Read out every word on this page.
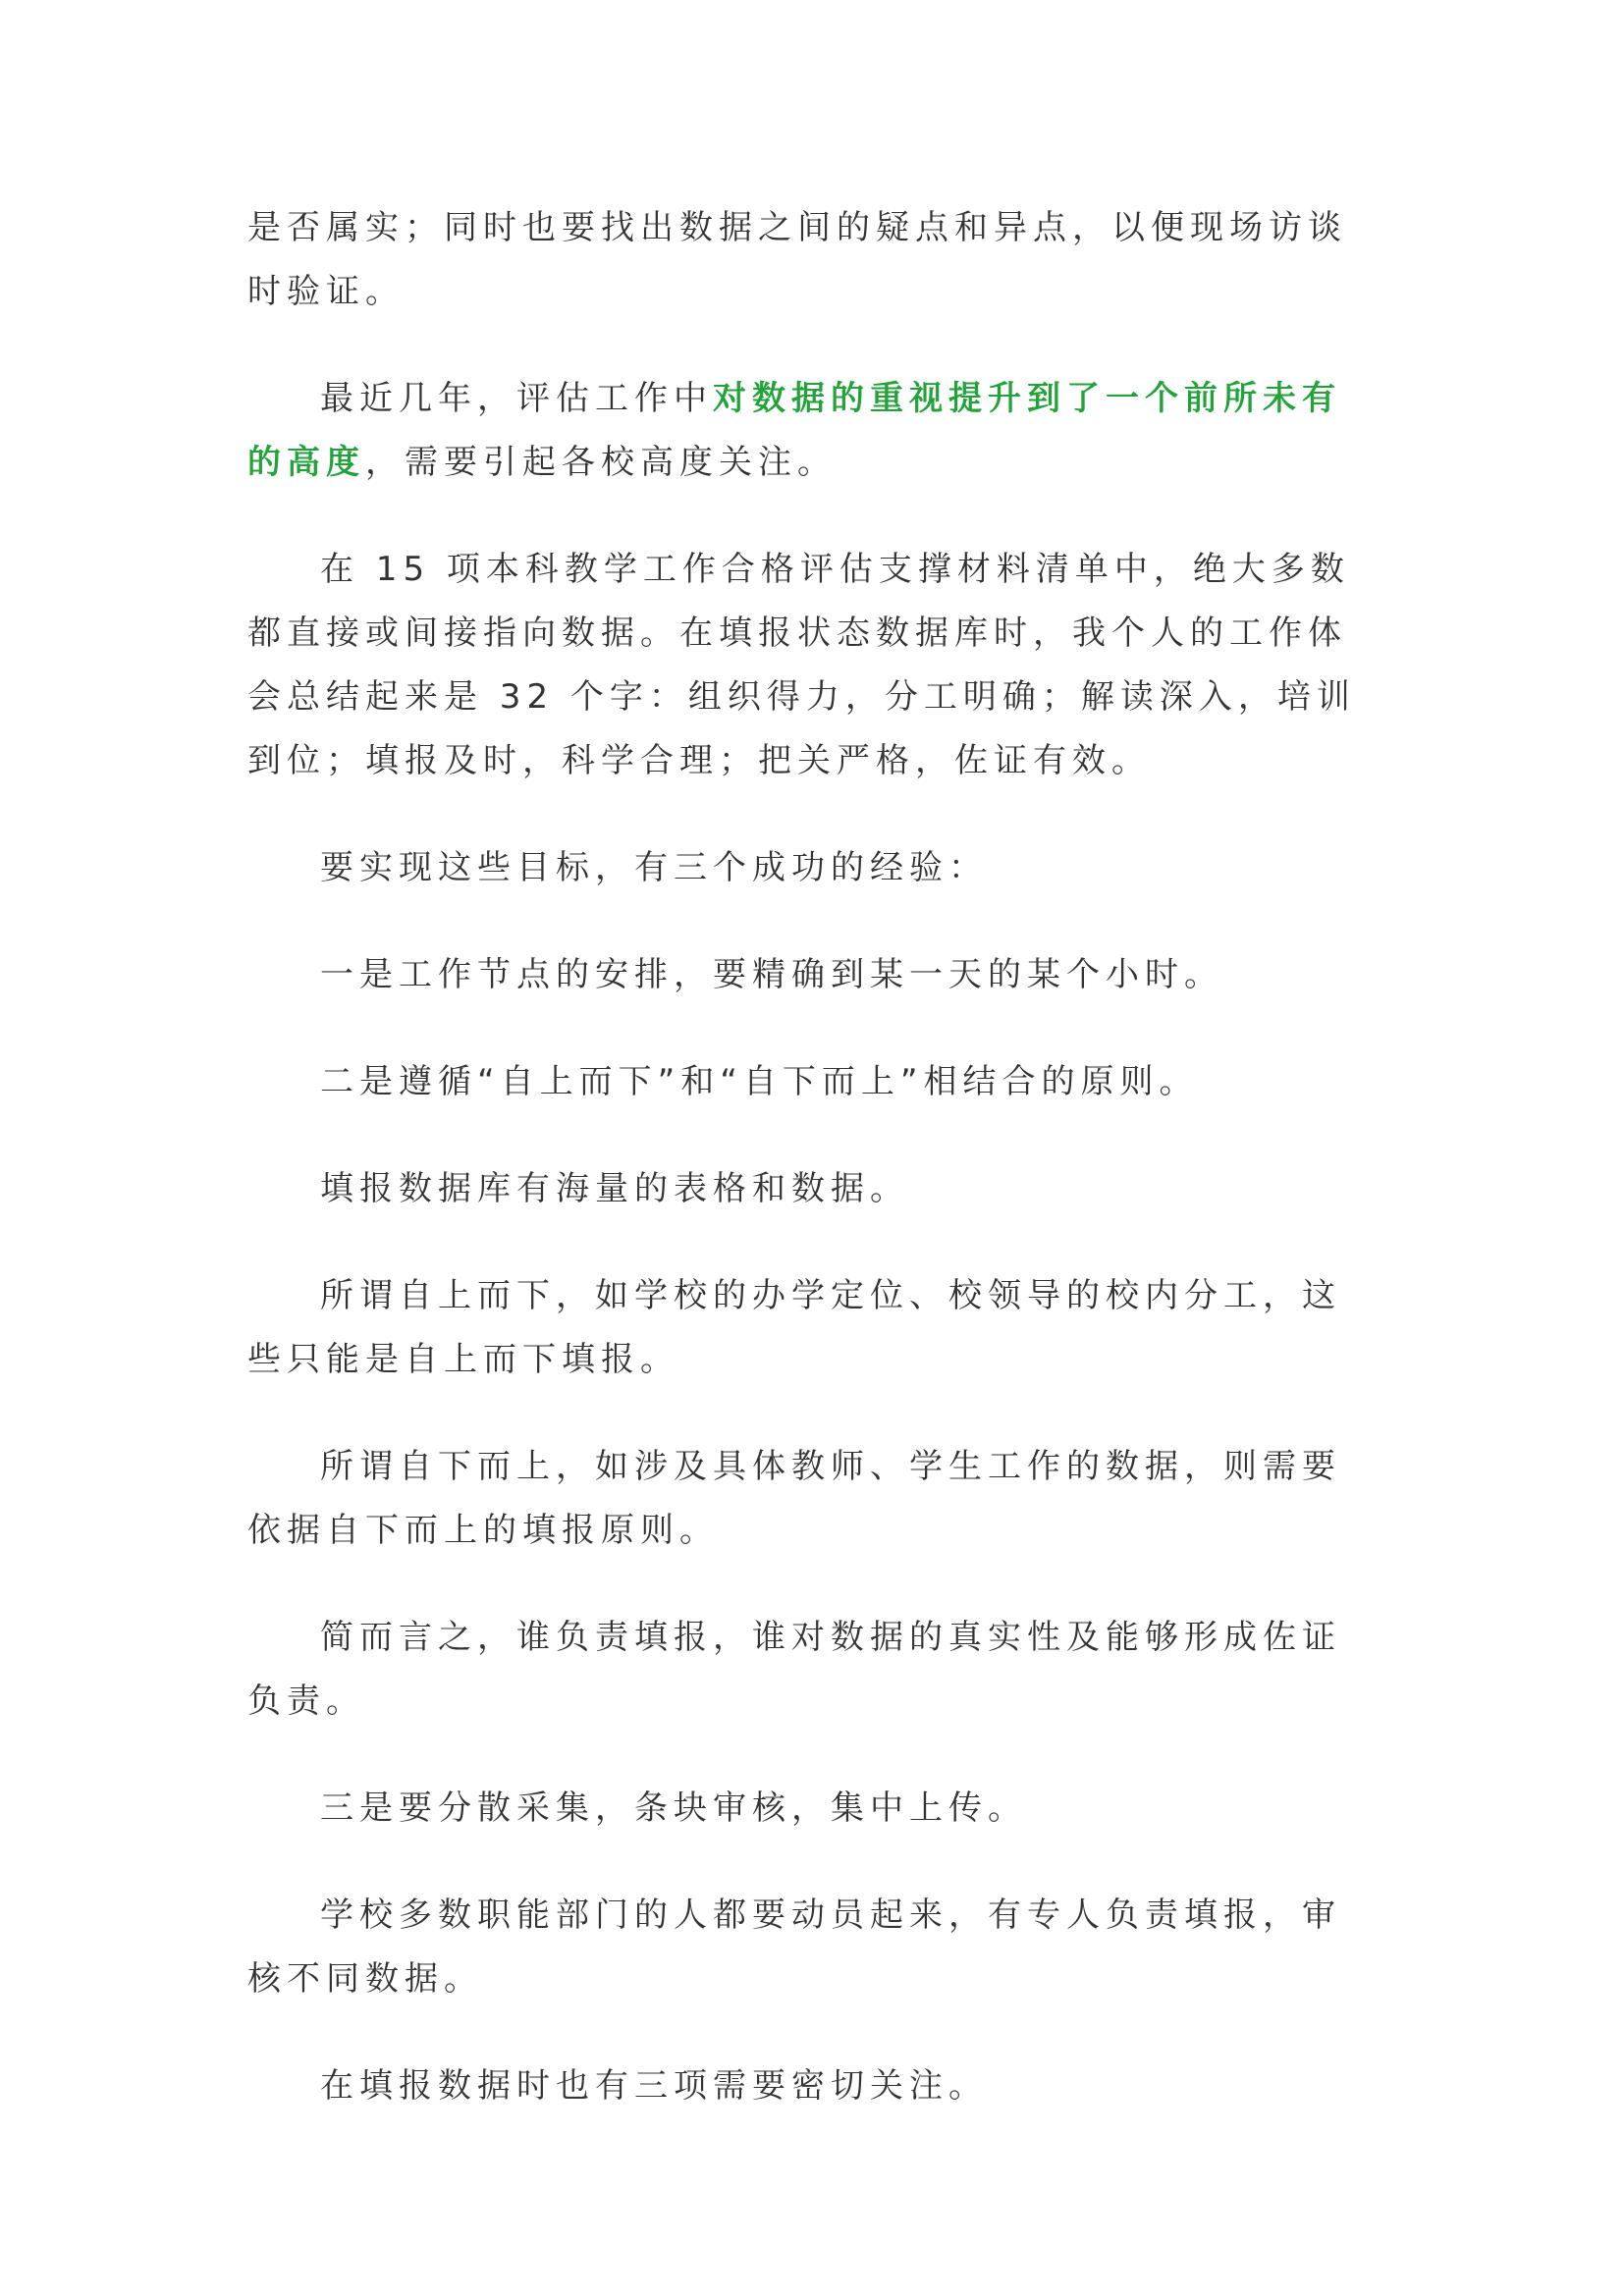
是否属实；同时也要找出数据之间的疑点和异点，以便现场访谈时验证。

最近几年，评估工作中对数据的重视提升到了一个前所未有的高度，需要引起各校高度关注。

在 15 项本科教学工作合格评估支撑材料清单中，绝大多数都直接或间接指向数据。在填报状态数据库时，我个人的工作体会总结起来是 32 个字：组织得力，分工明确；解读深入，培训到位；填报及时，科学合理；把关严格，佐证有效。

要实现这些目标，有三个成功的经验：

一是工作节点的安排，要精确到某一天的某个小时。

二是遵循“自上而下”和“自下而上”相结合的原则。

填报数据库有海量的表格和数据。

所谓自上而下，如学校的办学定位、校领导的校内分工，这些只能是自上而下填报。

所谓自下而上，如涉及具体教师、学生工作的数据，则需要依据自下而上的填报原则。

简而言之，谁负责填报，谁对数据的真实性及能够形成佐证负责。

三是要分散采集，条块审核，集中上传。

学校多数职能部门的人都要动员起来，有专人负责填报，审核不同数据。

在填报数据时也有三项需要密切关注。
